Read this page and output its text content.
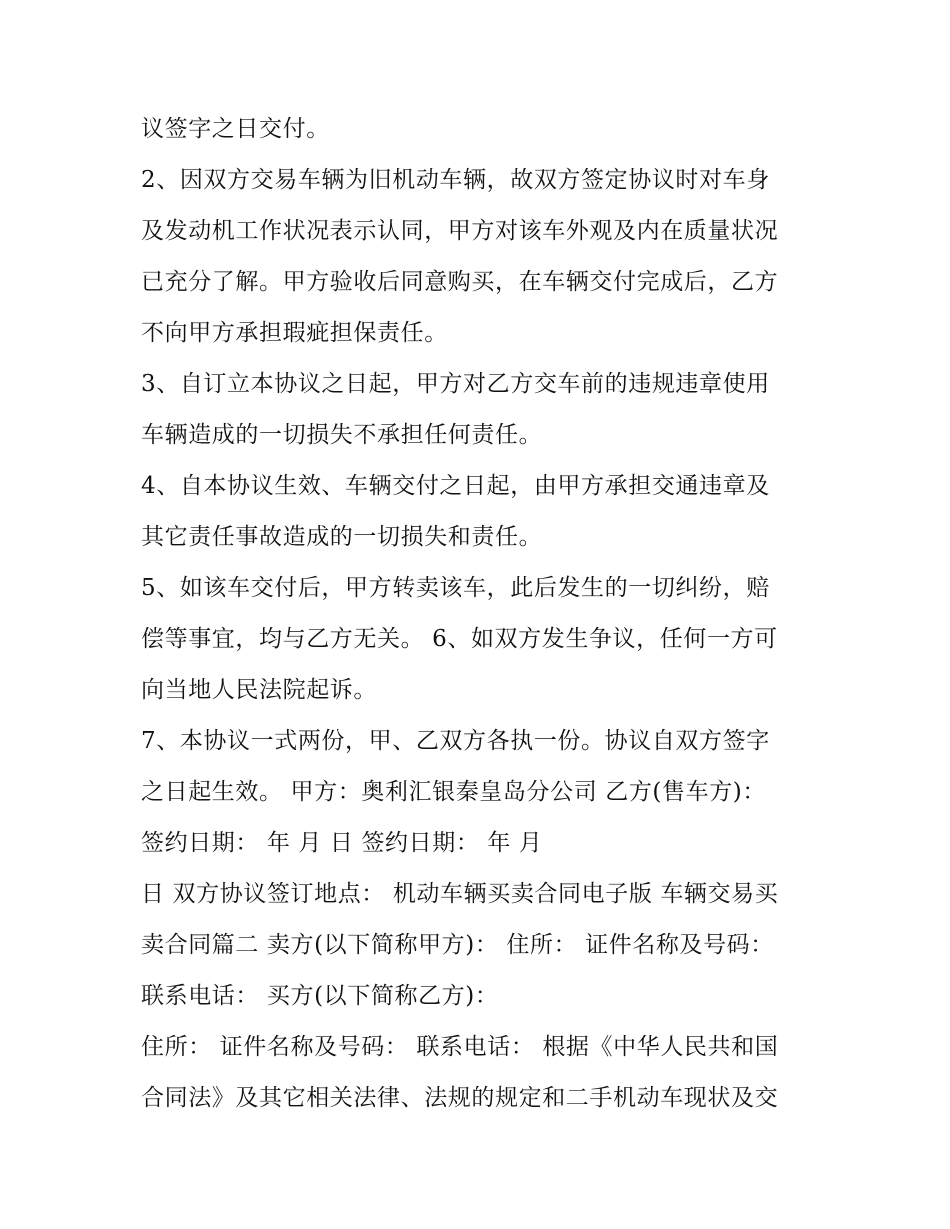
议签字之日交付。
2、因双方交易车辆为旧机动车辆，故双方签定协议时对车身
及发动机工作状况表示认同，甲方对该车外观及内在质量状况
已充分了解。甲方验收后同意购买，在车辆交付完成后，乙方
不向甲方承担瑕疵担保责任。
3、自订立本协议之日起，甲方对乙方交车前的违规违章使用
车辆造成的一切损失不承担任何责任。
4、自本协议生效、车辆交付之日起，由甲方承担交通违章及
其它责任事故造成的一切损失和责任。
5、如该车交付后，甲方转卖该车，此后发生的一切纠纷，赔
偿等事宜，均与乙方无关。 6、如双方发生争议，任何一方可
向当地人民法院起诉。
7、本协议一式两份，甲、乙双方各执一份。协议自双方签字
之日起生效。 甲方：奥利汇银秦皇岛分公司 乙方(售车方)：
签约日期： 年 月 日 签约日期： 年 月
日 双方协议签订地点： 机动车辆买卖合同电子版 车辆交易买
卖合同篇二 卖方(以下简称甲方)： 住所： 证件名称及号码：
联系电话： 买方(以下简称乙方)：
住所： 证件名称及号码： 联系电话： 根据《中华人民共和国
合同法》及其它相关法律、法规的规定和二手机动车现状及交
